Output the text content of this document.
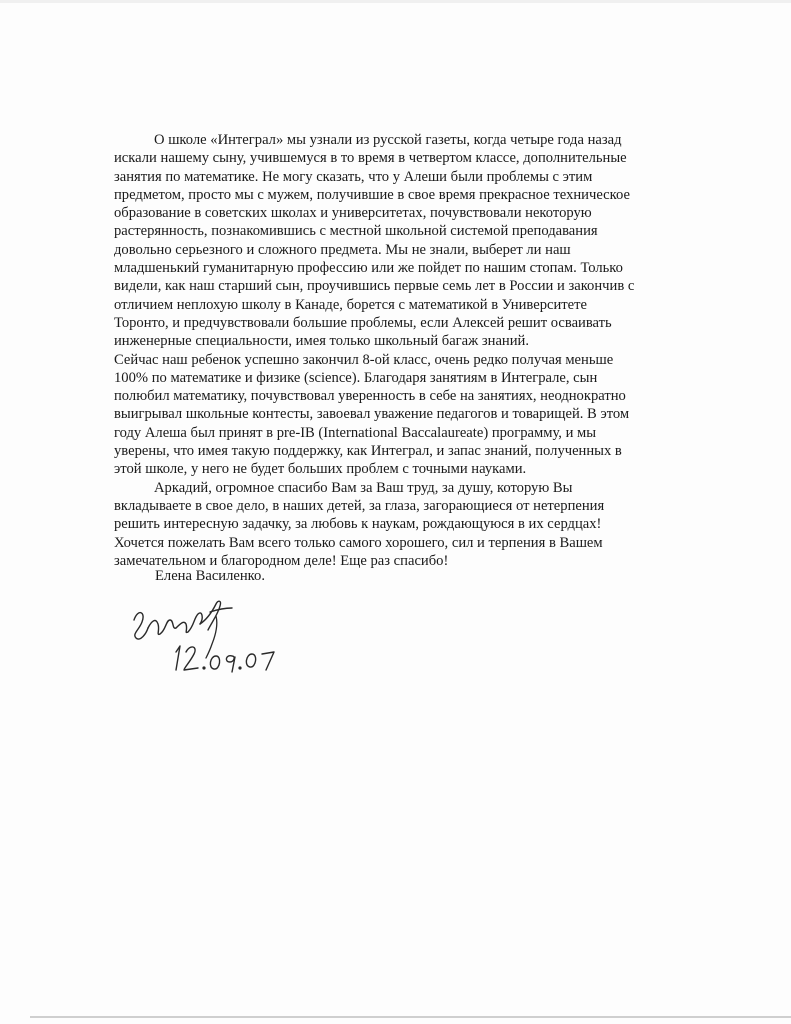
О школе «Интеграл» мы узнали из русской газеты, когда четыре года назад
искали нашему сыну, учившемуся в то время в четвертом классе, дополнительные
занятия по математике. Не могу сказать, что у Алеши были проблемы с этим
предметом, просто мы с мужем, получившие в свое время прекрасное техническое
образование в советских школах и университетах, почувствовали некоторую
растерянность, познакомившись с местной школьной системой преподавания
довольно серьезного и сложного предмета. Мы не знали, выберет ли наш
младшенький гуманитарную профессию или же пойдет по нашим стопам. Только
видели, как наш старший сын, проучившись первые семь лет в России и закончив с
отличием неплохую школу в Канаде, борется с математикой в Университете
Торонто, и предчувствовали большие проблемы, если Алексей решит осваивать
инженерные специальности, имея только школьный багаж знаний.

Сейчас наш ребенок успешно закончил 8-ой класс, очень редко получая меньше
100% по математике и физике (science). Благодаря занятиям в Интеграле, сын
полюбил математику, почувствовал уверенность в себе на занятиях, неоднократно
выигрывал школьные контесты, завоевал уважение педагогов и товарищей. В этом
году Алеша был принят в pre-IB (International Baccalaureate) программу, и мы
уверены, что имея такую поддержку, как Интеграл, и запас знаний, полученных в
этой школе, у него не будет больших проблем с точными науками.

Аркадий, огромное спасибо Вам за Ваш труд, за душу, которую Вы
вкладываете в свое дело, в наших детей, за глаза, загорающиеся от нетерпения
решить интересную задачку, за любовь к наукам, рождающуюся в их сердцах!
Хочется пожелать Вам всего только самого хорошего, сил и терпения в Вашем
замечательном и благородном деле! Еще раз спасибо!

Елена Василенко.
